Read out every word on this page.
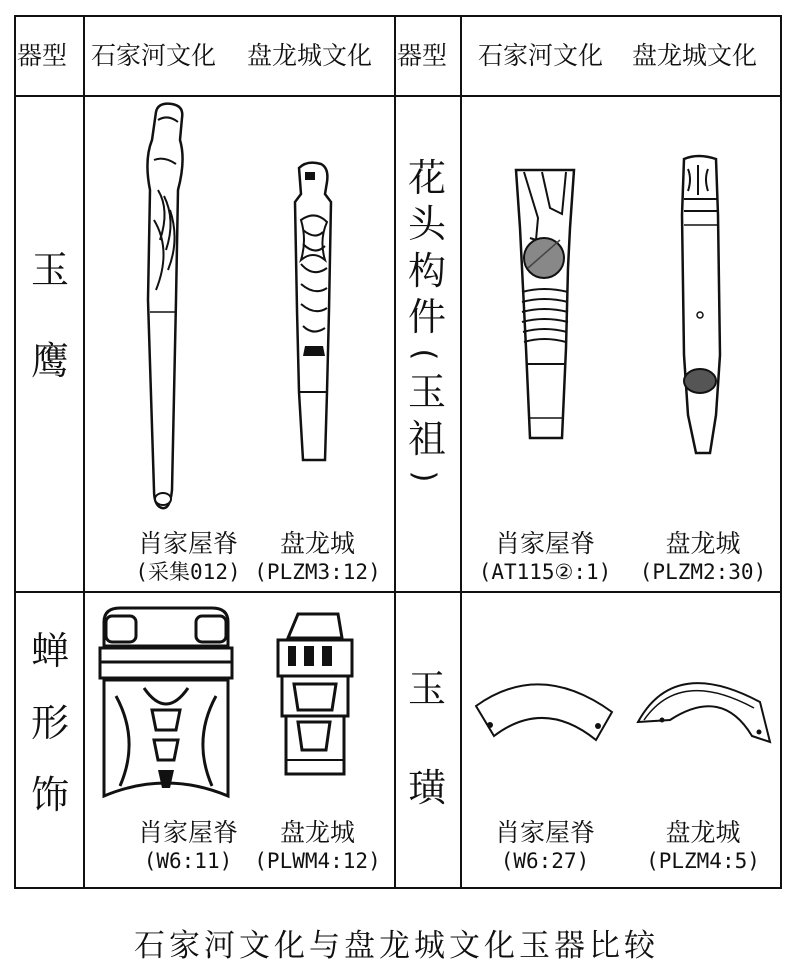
器型 石家河文化 盘龙城文化 器型 石家河文化 盘龙城文化
玉
鹰
花
头
构
件
(
玉
祖
)
蝉
形
饰
玉
璜
肖家屋脊
(采集012)
盘龙城
(PLZM3:12)
肖家屋脊
(AT115②:1)
盘龙城
(PLZM2:30)
肖家屋脊
(W6:11)
盘龙城
(PLWM4:12)
肖家屋脊
(W6:27)
盘龙城
(PLZM4:5)
石家河文化与盘龙城文化玉器比较
